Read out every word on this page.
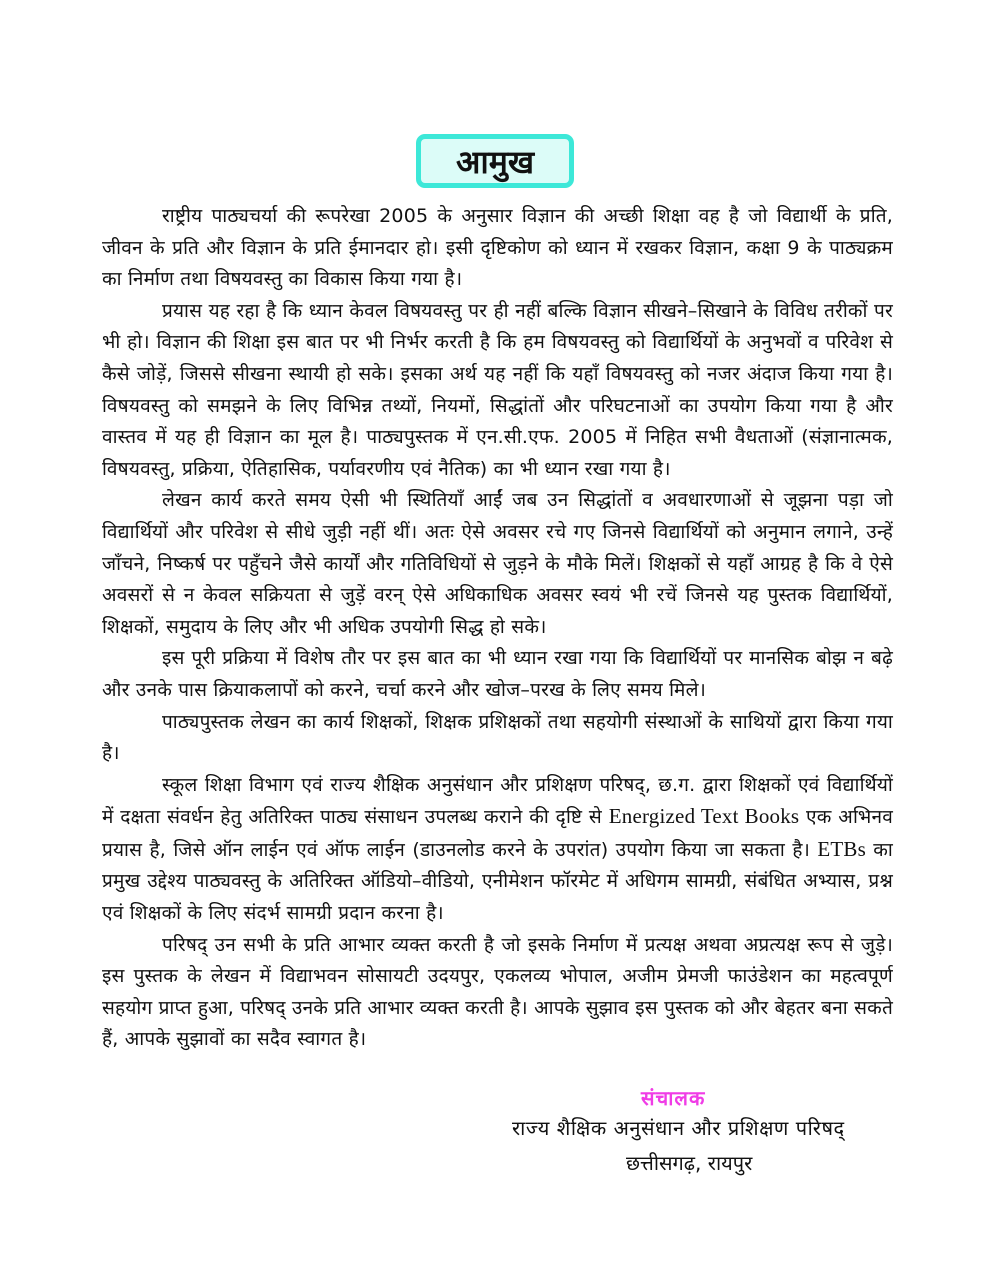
आमुख

राष्ट्रीय पाठ्यचर्या की रूपरेखा 2005 के अनुसार विज्ञान की अच्छी शिक्षा वह है जो विद्यार्थी के प्रति, जीवन के प्रति और विज्ञान के प्रति ईमानदार हो। इसी दृष्टिकोण को ध्यान में रखकर विज्ञान, कक्षा 9 के पाठ्यक्रम का निर्माण तथा विषयवस्तु का विकास किया गया है।

प्रयास यह रहा है कि ध्यान केवल विषयवस्तु पर ही नहीं बल्कि विज्ञान सीखने–सिखाने के विविध तरीकों पर भी हो। विज्ञान की शिक्षा इस बात पर भी निर्भर करती है कि हम विषयवस्तु को विद्यार्थियों के अनुभवों व परिवेश से कैसे जोड़ें, जिससे सीखना स्थायी हो सके। इसका अर्थ यह नहीं कि यहाँ विषयवस्तु को नजर अंदाज किया गया है। विषयवस्तु को समझने के लिए विभिन्न तथ्यों, नियमों, सिद्धांतों और परिघटनाओं का उपयोग किया गया है और वास्तव में यह ही विज्ञान का मूल है। पाठ्यपुस्तक में एन.सी.एफ. 2005 में निहित सभी वैधताओं (संज्ञानात्मक, विषयवस्तु, प्रक्रिया, ऐतिहासिक, पर्यावरणीय एवं नैतिक) का भी ध्यान रखा गया है।

लेखन कार्य करते समय ऐसी भी स्थितियाँ आईं जब उन सिद्धांतों व अवधारणाओं से जूझना पड़ा जो विद्यार्थियों और परिवेश से सीधे जुड़ी नहीं थीं। अतः ऐसे अवसर रचे गए जिनसे विद्यार्थियों को अनुमान लगाने, उन्हें जाँचने, निष्कर्ष पर पहुँचने जैसे कार्यों और गतिविधियों से जुड़ने के मौके मिलें। शिक्षकों से यहाँ आग्रह है कि वे ऐसे अवसरों से न केवल सक्रियता से जुड़ें वरन् ऐसे अधिकाधिक अवसर स्वयं भी रचें जिनसे यह पुस्तक विद्यार्थियों, शिक्षकों, समुदाय के लिए और भी अधिक उपयोगी सिद्ध हो सके।

इस पूरी प्रक्रिया में विशेष तौर पर इस बात का भी ध्यान रखा गया कि विद्यार्थियों पर मानसिक बोझ न बढ़े और उनके पास क्रियाकलापों को करने, चर्चा करने और खोज–परख के लिए समय मिले।

पाठ्यपुस्तक लेखन का कार्य शिक्षकों, शिक्षक प्रशिक्षकों तथा सहयोगी संस्थाओं के साथियों द्वारा किया गया है।

स्कूल शिक्षा विभाग एवं राज्य शैक्षिक अनुसंधान और प्रशिक्षण परिषद्, छ.ग. द्वारा शिक्षकों एवं विद्यार्थियों में दक्षता संवर्धन हेतु अतिरिक्त पाठ्य संसाधन उपलब्ध कराने की दृष्टि से Energized Text Books एक अभिनव प्रयास है, जिसे ऑन लाईन एवं ऑफ लाईन (डाउनलोड करने के उपरांत) उपयोग किया जा सकता है। ETBs का प्रमुख उद्देश्य पाठ्यवस्तु के अतिरिक्त ऑडियो–वीडियो, एनीमेशन फॉरमेट में अधिगम सामग्री, संबंधित अभ्यास, प्रश्न एवं शिक्षकों के लिए संदर्भ सामग्री प्रदान करना है।

परिषद् उन सभी के प्रति आभार व्यक्त करती है जो इसके निर्माण में प्रत्यक्ष अथवा अप्रत्यक्ष रूप से जुड़े। इस पुस्तक के लेखन में विद्याभवन सोसायटी उदयपुर, एकलव्य भोपाल, अजीम प्रेमजी फाउंडेशन का महत्वपूर्ण सहयोग प्राप्त हुआ, परिषद् उनके प्रति आभार व्यक्त करती है। आपके सुझाव इस पुस्तक को और बेहतर बना सकते हैं, आपके सुझावों का सदैव स्वागत है।

संचालक
राज्य शैक्षिक अनुसंधान और प्रशिक्षण परिषद्
छत्तीसगढ़, रायपुर
